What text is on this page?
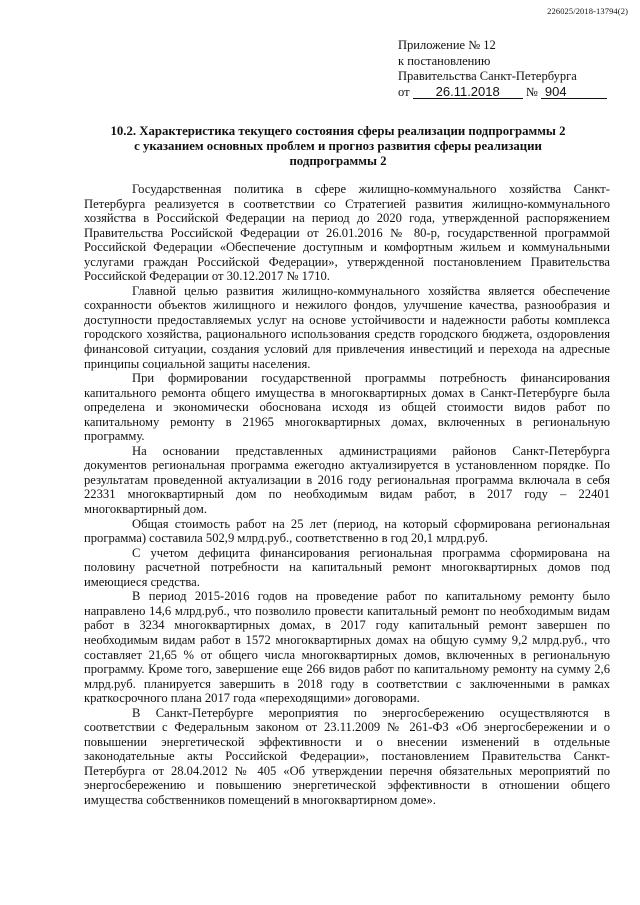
226025/2018-13794(2)
Приложение № 12
к постановлению
Правительства Санкт-Петербурга
от 26.11.2018 № 904
10.2. Характеристика текущего состояния сферы реализации подпрограммы 2
с указанием основных проблем и прогноз развития сферы реализации
подпрограммы 2

Государственная политика в сфере жилищно-коммунального хозяйства Санкт-Петербурга реализуется в соответствии со Стратегией развития жилищно-коммунального хозяйства в Российской Федерации на период до 2020 года, утвержденной распоряжением Правительства Российской Федерации от 26.01.2016 № 80-р, государственной программой Российской Федерации «Обеспечение доступным и комфортным жильем и коммунальными услугами граждан Российской Федерации», утвержденной постановлением Правительства Российской Федерации от 30.12.2017 № 1710.

Главной целью развития жилищно-коммунального хозяйства является обеспечение сохранности объектов жилищного и нежилого фондов, улучшение качества, разнообразия и доступности предоставляемых услуг на основе устойчивости и надежности работы комплекса городского хозяйства, рационального использования средств городского бюджета, оздоровления финансовой ситуации, создания условий для привлечения инвестиций и перехода на адресные принципы социальной защиты населения.

При формировании государственной программы потребность финансирования капитального ремонта общего имущества в многоквартирных домах в Санкт-Петербурге была определена и экономически обоснована исходя из общей стоимости видов работ по капитальному ремонту в 21965 многоквартирных домах, включенных в региональную программу.

На основании представленных администрациями районов Санкт-Петербурга документов региональная программа ежегодно актуализируется в установленном порядке. По результатам проведенной актуализации в 2016 году региональная программа включала в себя 22331 многоквартирный дом по необходимым видам работ, в 2017 году – 22401 многоквартирный дом.

Общая стоимость работ на 25 лет (период, на который сформирована региональная программа) составила 502,9 млрд.руб., соответственно в год 20,1 млрд.руб.

С учетом дефицита финансирования региональная программа сформирована на половину расчетной потребности на капитальный ремонт многоквартирных домов под имеющиеся средства.

В период 2015-2016 годов на проведение работ по капитальному ремонту было направлено 14,6 млрд.руб., что позволило провести капитальный ремонт по необходимым видам работ в 3234 многоквартирных домах, в 2017 году капитальный ремонт завершен по необходимым видам работ в 1572 многоквартирных домах на общую сумму 9,2 млрд.руб., что составляет 21,65 % от общего числа многоквартирных домов, включенных в региональную программу. Кроме того, завершение еще 266 видов работ по капитальному ремонту на сумму 2,6 млрд.руб. планируется завершить в 2018 году в соответствии с заключенными в рамках краткосрочного плана 2017 года «переходящими» договорами.

В Санкт-Петербурге мероприятия по энергосбережению осуществляются в соответствии с Федеральным законом от 23.11.2009 № 261-ФЗ «Об энергосбережении и о повышении энергетической эффективности и о внесении изменений в отдельные законодательные акты Российской Федерации», постановлением Правительства Санкт-Петербурга от 28.04.2012 № 405 «Об утверждении перечня обязательных мероприятий по энергосбережению и повышению энергетической эффективности в отношении общего имущества собственников помещений в многоквартирном доме».
